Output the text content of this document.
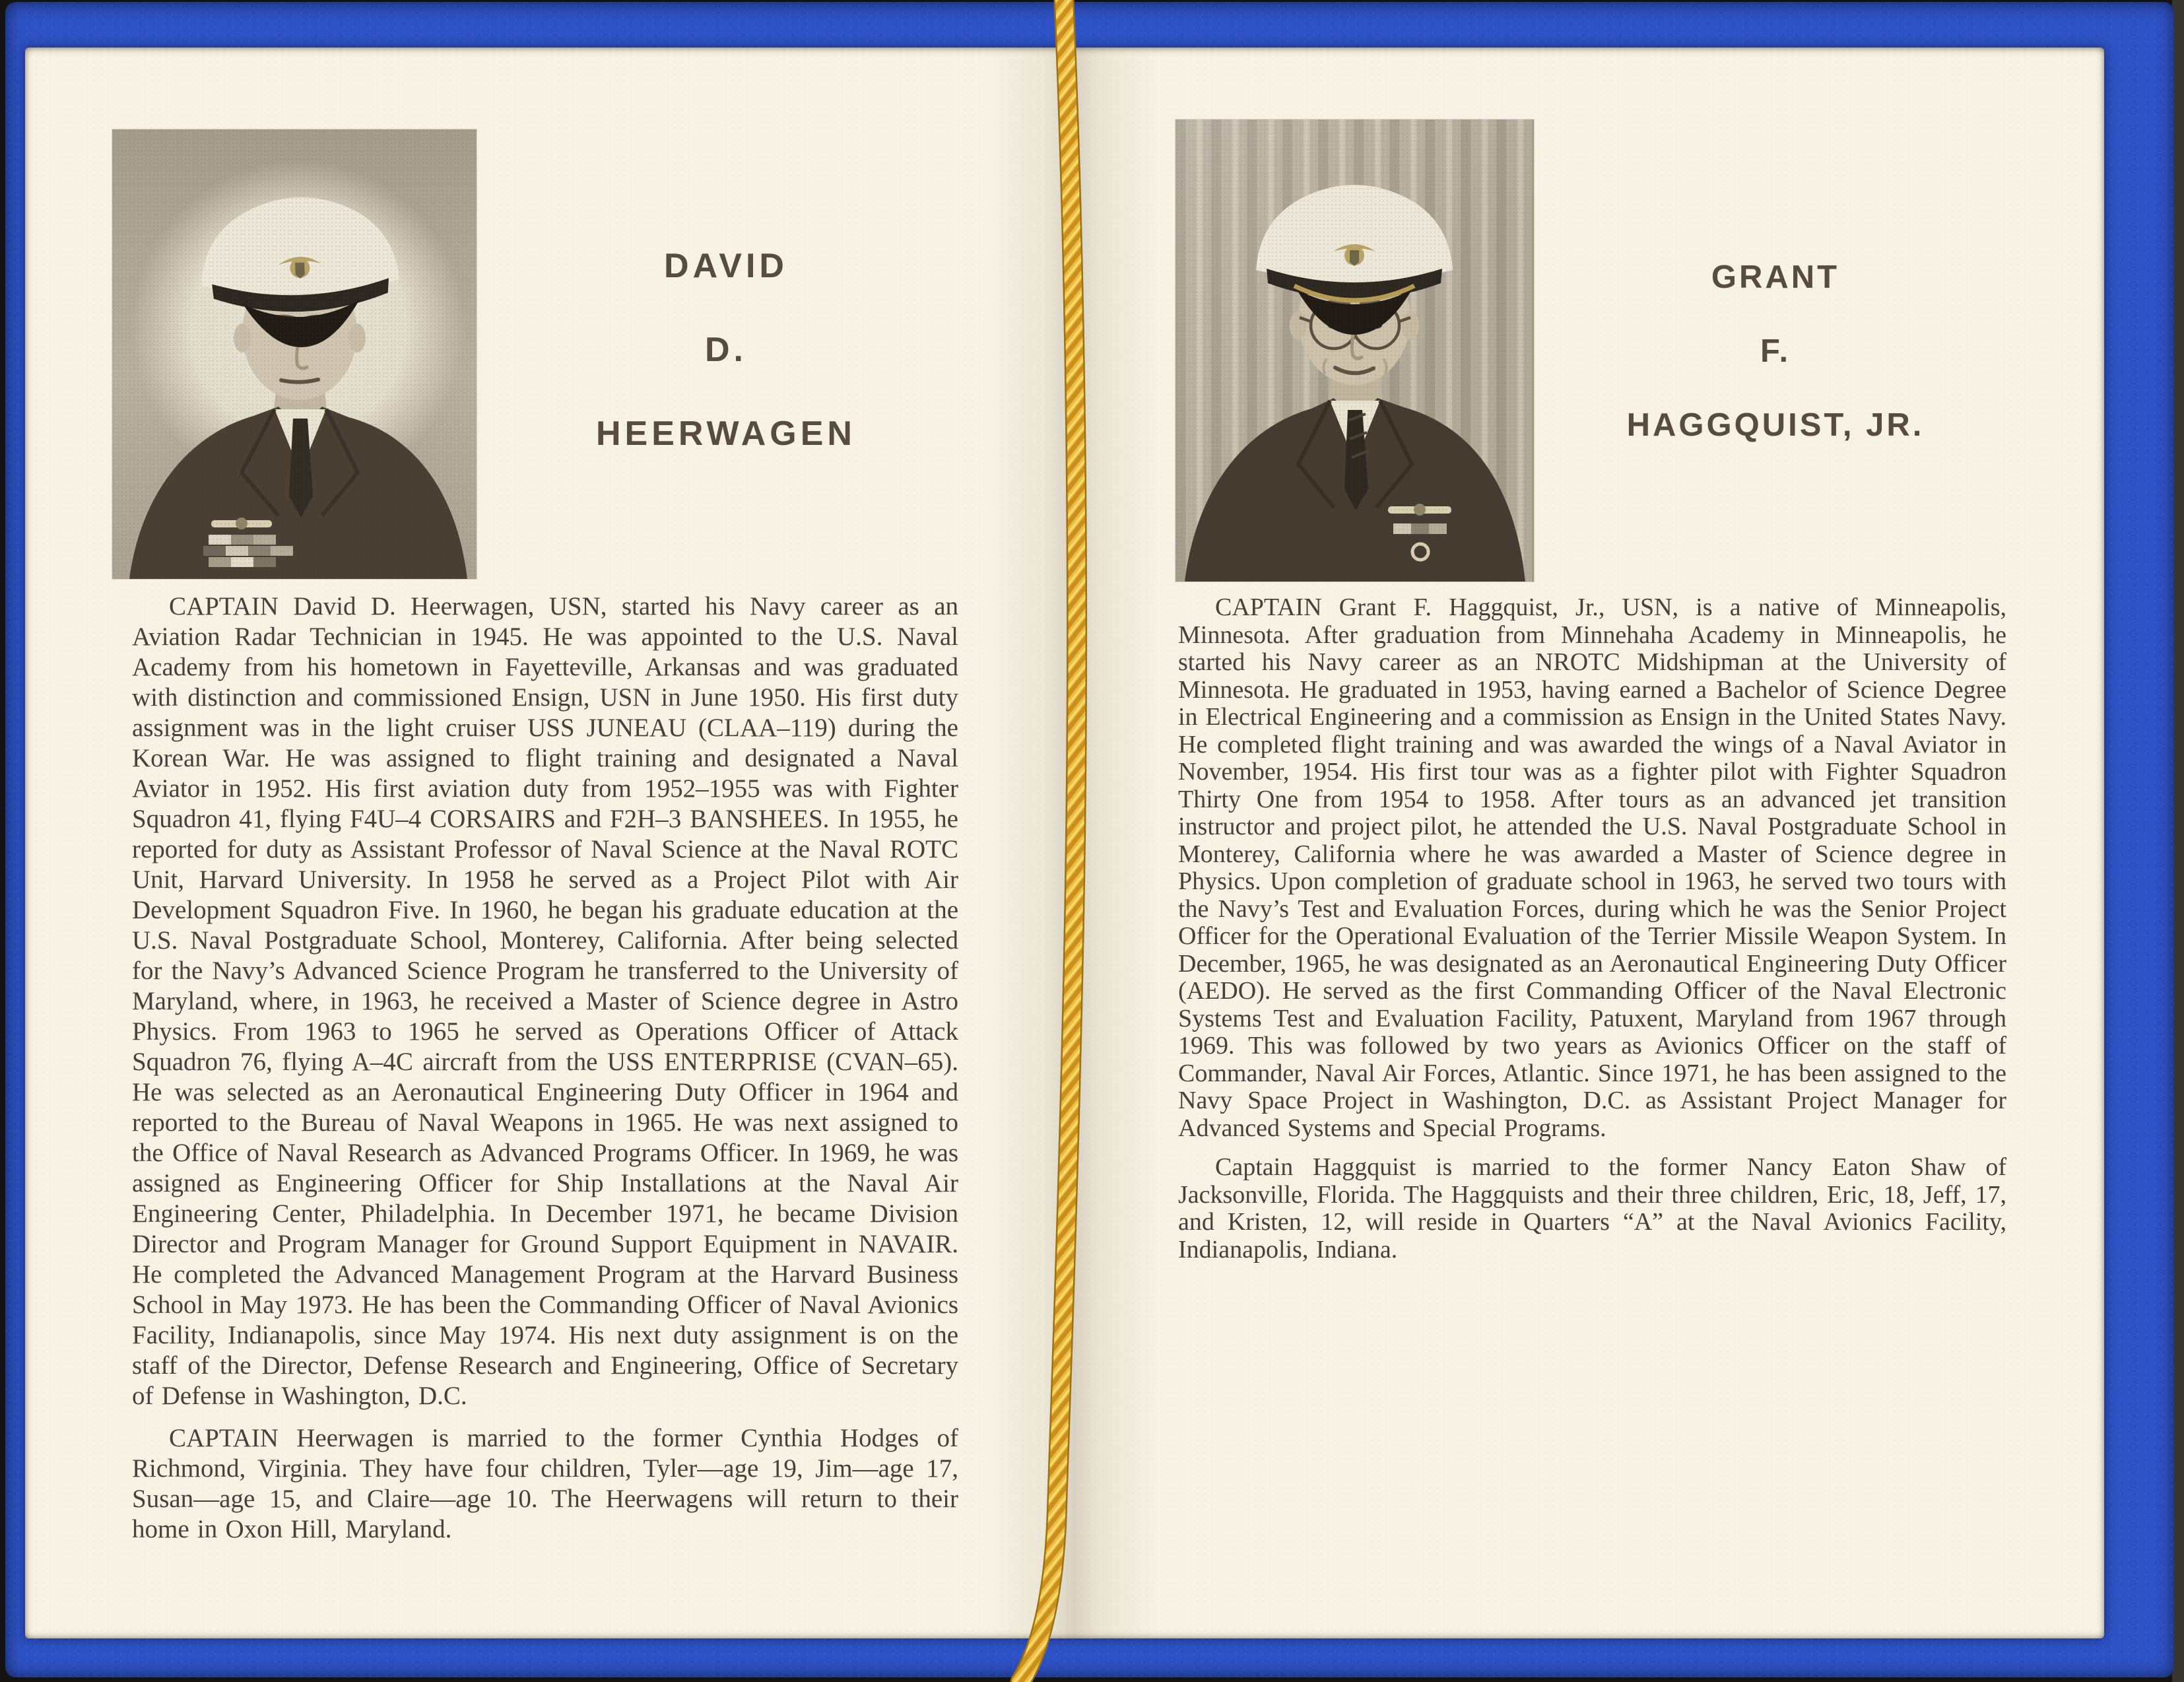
DAVID
D.
HEERWAGEN

CAPTAIN David D. Heerwagen, USN, started his Navy career as an Aviation Radar Technician in 1945. He was appointed to the U.S. Naval Academy from his hometown in Fayetteville, Arkansas and was graduated with distinction and commissioned Ensign, USN in June 1950. His first duty assignment was in the light cruiser USS JUNEAU (CLAA–119) during the Korean War. He was assigned to flight training and designated a Naval Aviator in 1952. His first aviation duty from 1952–1955 was with Fighter Squadron 41, flying F4U–4 CORSAIRS and F2H–3 BANSHEES. In 1955, he reported for duty as Assistant Professor of Naval Science at the Naval ROTC Unit, Harvard University. In 1958 he served as a Project Pilot with Air Development Squadron Five. In 1960, he began his graduate education at the U.S. Naval Postgraduate School, Monterey, California. After being selected for the Navy’s Advanced Science Program he transferred to the University of Maryland, where, in 1963, he received a Master of Science degree in Astro Physics. From 1963 to 1965 he served as Operations Officer of Attack Squadron 76, flying A–4C aircraft from the USS ENTERPRISE (CVAN–65). He was selected as an Aeronautical Engineering Duty Officer in 1964 and reported to the Bureau of Naval Weapons in 1965. He was next assigned to the Office of Naval Research as Advanced Programs Officer. In 1969, he was assigned as Engineering Officer for Ship Installations at the Naval Air Engineering Center, Philadelphia. In December 1971, he became Division Director and Program Manager for Ground Support Equipment in NAVAIR. He completed the Advanced Management Program at the Harvard Business School in May 1973. He has been the Commanding Officer of Naval Avionics Facility, Indianapolis, since May 1974. His next duty assignment is on the staff of the Director, Defense Research and Engineering, Office of Secretary of Defense in Washington, D.C.

CAPTAIN Heerwagen is married to the former Cynthia Hodges of Richmond, Virginia. They have four children, Tyler—age 19, Jim—age 17, Susan—age 15, and Claire—age 10. The Heerwagens will return to their home in Oxon Hill, Maryland.

GRANT
F.
HAGGQUIST, JR.

CAPTAIN Grant F. Haggquist, Jr., USN, is a native of Minneapolis, Minnesota. After graduation from Minnehaha Academy in Minneapolis, he started his Navy career as an NROTC Midshipman at the University of Minnesota. He graduated in 1953, having earned a Bachelor of Science Degree in Electrical Engineering and a commission as Ensign in the United States Navy. He completed flight training and was awarded the wings of a Naval Aviator in November, 1954. His first tour was as a fighter pilot with Fighter Squadron Thirty One from 1954 to 1958. After tours as an advanced jet transition instructor and project pilot, he attended the U.S. Naval Postgraduate School in Monterey, California where he was awarded a Master of Science degree in Physics. Upon completion of graduate school in 1963, he served two tours with the Navy’s Test and Evaluation Forces, during which he was the Senior Project Officer for the Operational Evaluation of the Terrier Missile Weapon System. In December, 1965, he was designated as an Aeronautical Engineering Duty Officer (AEDO). He served as the first Commanding Officer of the Naval Electronic Systems Test and Evaluation Facility, Patuxent, Maryland from 1967 through 1969. This was followed by two years as Avionics Officer on the staff of Commander, Naval Air Forces, Atlantic. Since 1971, he has been assigned to the Navy Space Project in Washington, D.C. as Assistant Project Manager for Advanced Systems and Special Programs.

Captain Haggquist is married to the former Nancy Eaton Shaw of Jacksonville, Florida. The Haggquists and their three children, Eric, 18, Jeff, 17, and Kristen, 12, will reside in Quarters “A” at the Naval Avionics Facility, Indianapolis, Indiana.
